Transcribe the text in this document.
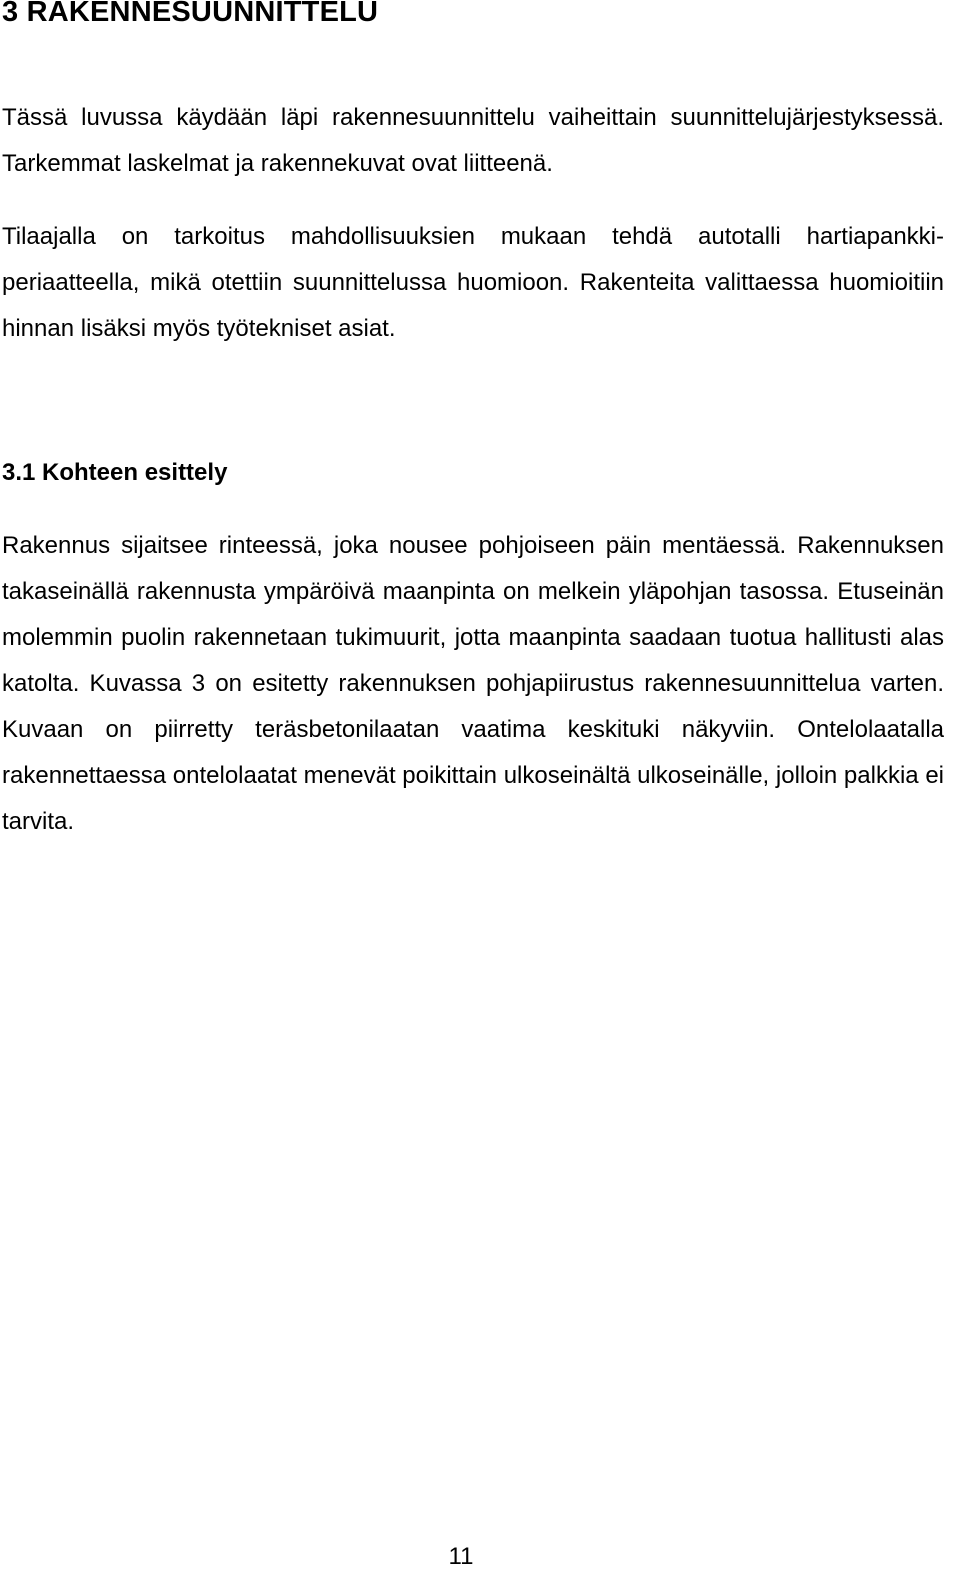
3 RAKENNESUUNNITTELU

Tässä luvussa käydään läpi rakennesuunnittelu vaiheittain suunnittelujärjestyksessä. Tarkemmat laskelmat ja rakennekuvat ovat liitteenä.

Tilaajalla on tarkoitus mahdollisuuksien mukaan tehdä autotalli hartiapankki-periaatteella, mikä otettiin suunnittelussa huomioon. Rakenteita valittaessa huomioitiin hinnan lisäksi myös työtekniset asiat.

3.1 Kohteen esittely

Rakennus sijaitsee rinteessä, joka nousee pohjoiseen päin mentäessä. Rakennuksen takaseinällä rakennusta ympäröivä maanpinta on melkein yläpohjan tasossa. Etuseinän molemmin puolin rakennetaan tukimuurit, jotta maanpinta saadaan tuotua hallitusti alas katolta. Kuvassa 3 on esitetty rakennuksen pohjapiirustus rakennesuunnittelua varten. Kuvaan on piirretty teräsbetonilaatan vaatima keskituki näkyviin. Ontelolaatalla rakennettaessa ontelolaatat menevät poikittain ulkoseinältä ulkoseinälle, jolloin palkkia ei tarvita.

11
